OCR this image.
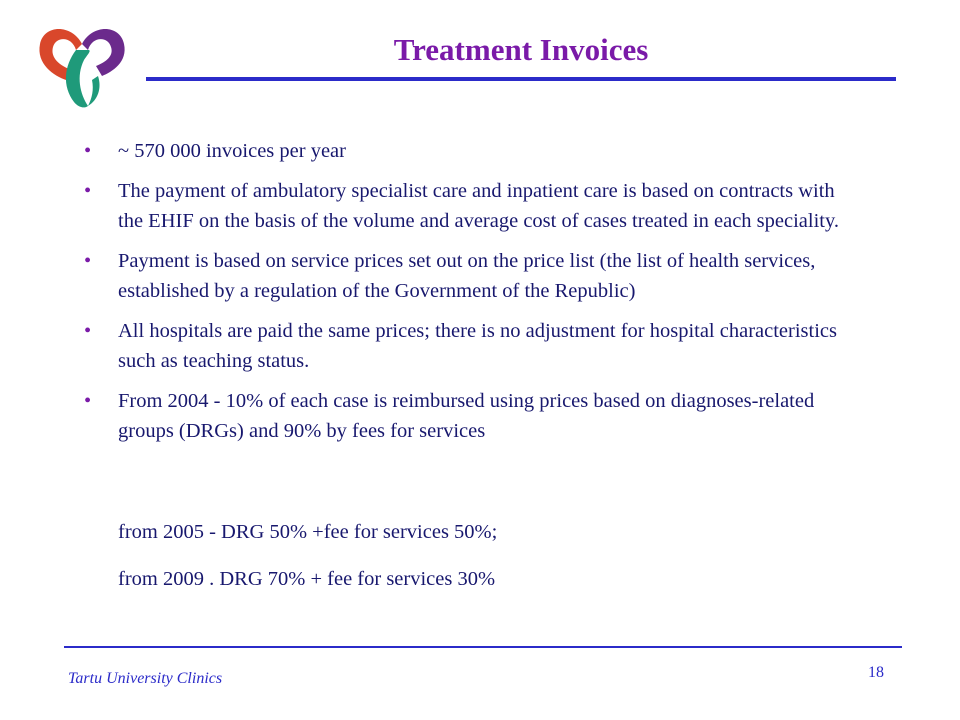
Treatment Invoices
• ~ 570 000 invoices per year
• The payment of ambulatory specialist care and inpatient care is based on contracts with the EHIF on the basis of the volume and average cost of cases treated in each speciality.
• Payment is based on service prices set out on the price list (the list of health services, established by a regulation of the Government of the Republic)
• All hospitals are paid the same prices; there is no adjustment for hospital characteristics such as teaching status.
• From 2004 - 10% of each case is reimbursed using prices based on diagnoses-related groups (DRGs) and 90% by fees for services
from 2005 - DRG 50% +fee for services 50%;
from 2009 . DRG 70% + fee for services 30%
Tartu University Clinics	18
